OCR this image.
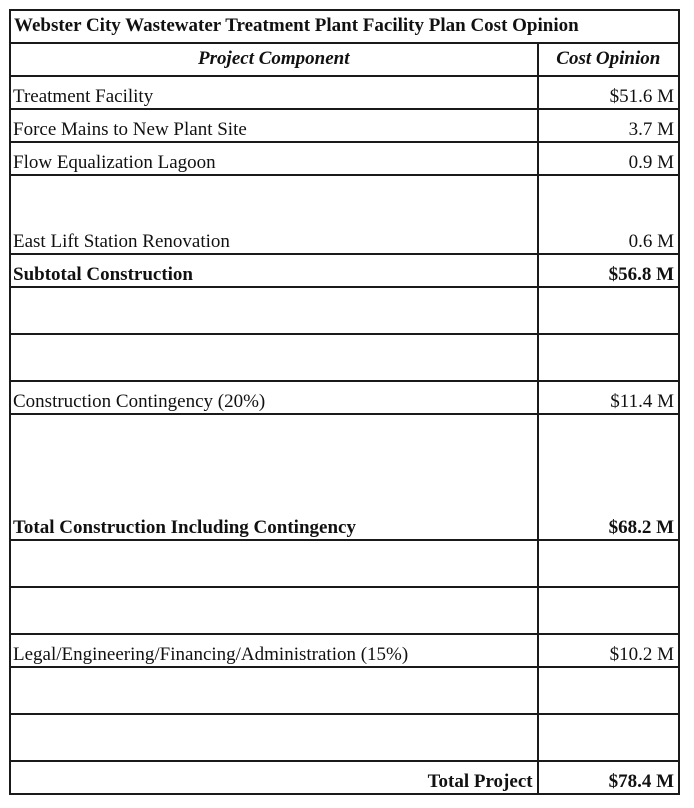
Webster City Wastewater Treatment Plant Facility Plan Cost Opinion	
Project Component	Cost Opinion
Treatment Facility	$51.6 M
Force Mains to New Plant Site	3.7 M
Flow Equalization Lagoon	0.9 M
East Lift Station Renovation	0.6 M
Subtotal Construction	$56.8 M

Construction Contingency (20%)	$11.4 M
Total Construction Including Contingency	$68.2 M

Legal/Engineering/Financing/Administration (15%)	$10.2 M

Total Project	$78.4 M
